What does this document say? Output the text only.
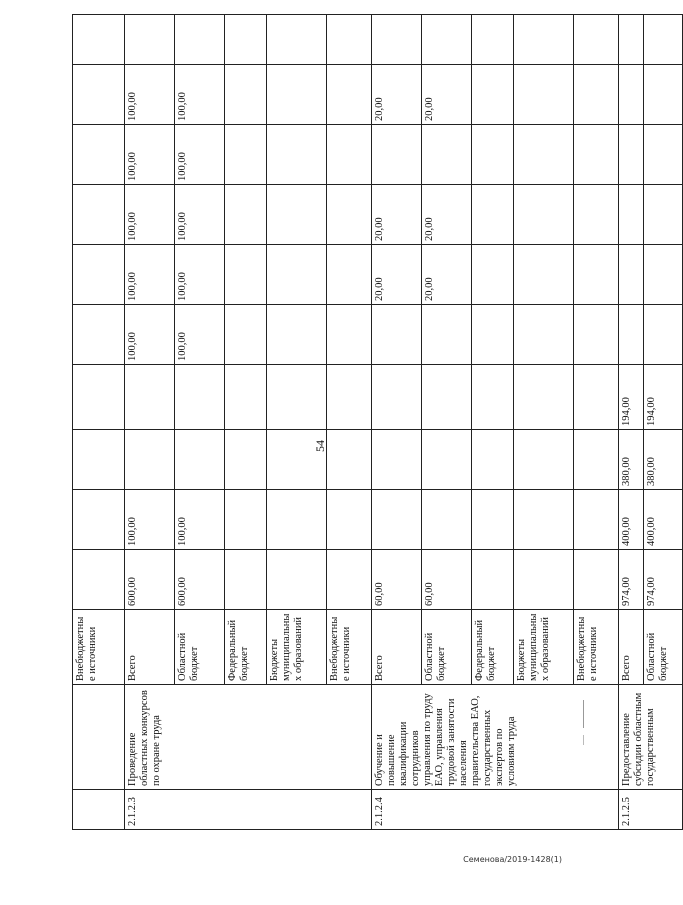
54
		Внебюджетные источники										
2.1.2.3	Проведение областных конкурсов по охране труда	Всего	600,00	100,00			100,00	100,00	100,00	100,00	100,00	
		Областной бюджет	600,00	100,00			100,00	100,00	100,00	100,00	100,00	
		Федеральный бюджет										
		Бюджеты муниципальных образований										
		Внебюджетные источники										
2.1.2.4	Обучение и повышение квалификации сотрудников управления по труду ЕАО, управления трудовой занятости населения правительства ЕАО, государственных экспертов по условиям труда	Всего	60,00					20,00	20,00		20,00	
		Областной бюджет	60,00					20,00	20,00		20,00	
		Федеральный бюджет										
		Бюджеты муниципальных образований										
		Внебюджетные источники										
2.1.2.5	Предоставление субсидии областным государственным	Всего	974,00	400,00	380,00	194,00						
		Областной бюджет	974,00	400,00	380,00	194,00						
Семенова/2019-1428(1)
